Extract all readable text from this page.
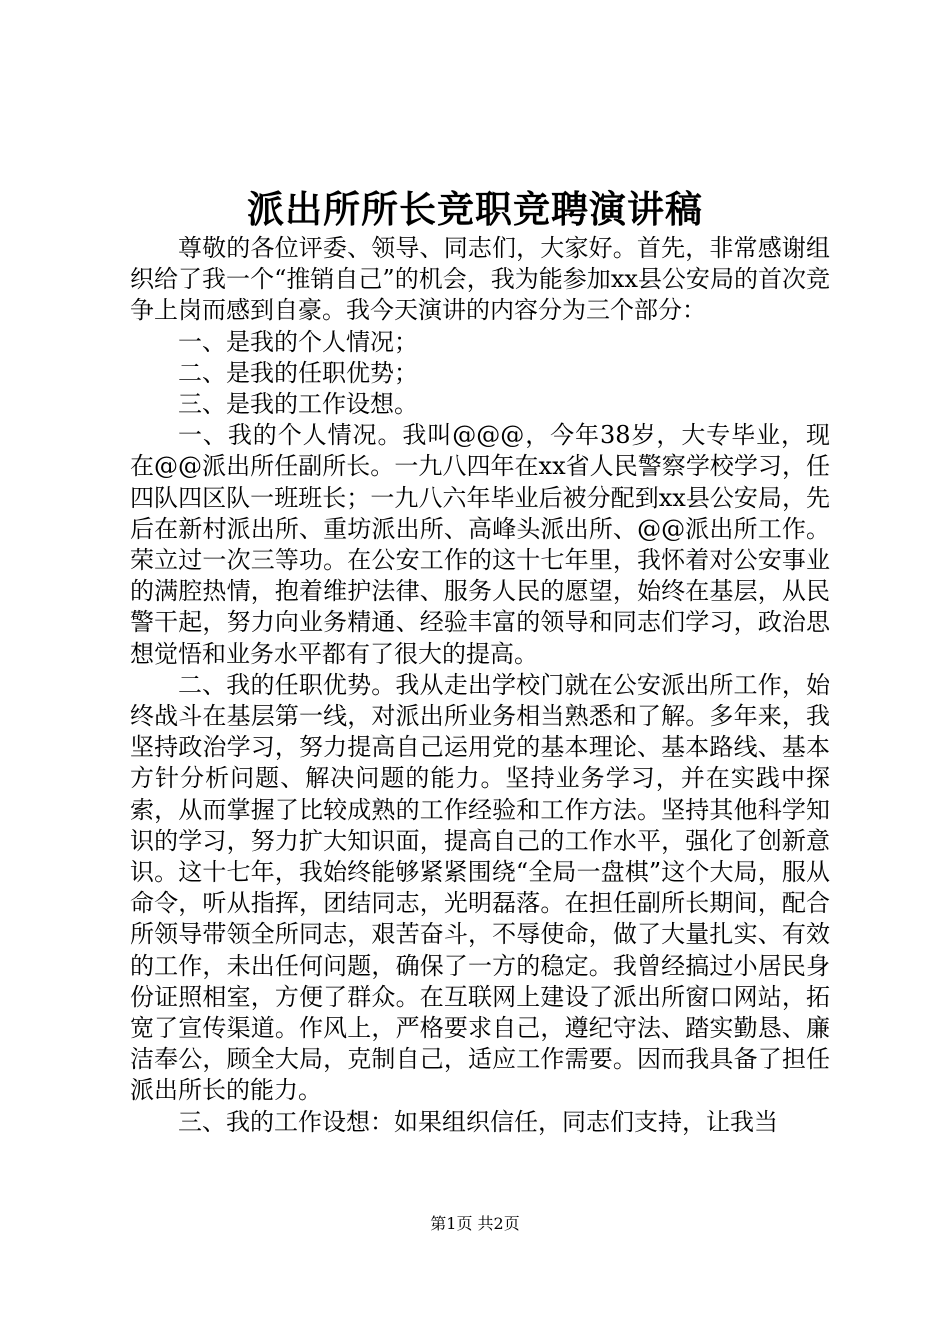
派出所所长竞职竞聘演讲稿

尊敬的各位评委、领导、同志们，大家好。首先，非常感谢组织给了我一个“推销自己”的机会，我为能参加xx县公安局的首次竞争上岗而感到自豪。我今天演讲的内容分为三个部分：

一、是我的个人情况；

二、是我的任职优势；

三、是我的工作设想。

一、我的个人情况。我叫@@@，今年38岁，大专毕业，现在@@派出所任副所长。一九八四年在xx省人民警察学校学习，任四队四区队一班班长；一九八六年毕业后被分配到xx县公安局，先后在新村派出所、重坊派出所、高峰头派出所、@@派出所工作。荣立过一次三等功。在公安工作的这十七年里，我怀着对公安事业的满腔热情，抱着维护法律、服务人民的愿望，始终在基层，从民警干起，努力向业务精通、经验丰富的领导和同志们学习，政治思想觉悟和业务水平都有了很大的提高。

二、我的任职优势。我从走出学校门就在公安派出所工作，始终战斗在基层第一线，对派出所业务相当熟悉和了解。多年来，我坚持政治学习，努力提高自己运用党的基本理论、基本路线、基本方针分析问题、解决问题的能力。坚持业务学习，并在实践中探索，从而掌握了比较成熟的工作经验和工作方法。坚持其他科学知识的学习，努力扩大知识面，提高自己的工作水平，强化了创新意识。这十七年，我始终能够紧紧围绕“全局一盘棋”这个大局，服从命令，听从指挥，团结同志，光明磊落。在担任副所长期间，配合所领导带领全所同志，艰苦奋斗，不辱使命，做了大量扎实、有效的工作，未出任何问题，确保了一方的稳定。我曾经搞过小居民身份证照相室，方便了群众。在互联网上建设了派出所窗口网站，拓宽了宣传渠道。作风上，严格要求自己，遵纪守法、踏实勤恳、廉洁奉公，顾全大局，克制自己，适应工作需要。因而我具备了担任派出所长的能力。

三、我的工作设想：如果组织信任，同志们支持，让我当

第1页 共2页
